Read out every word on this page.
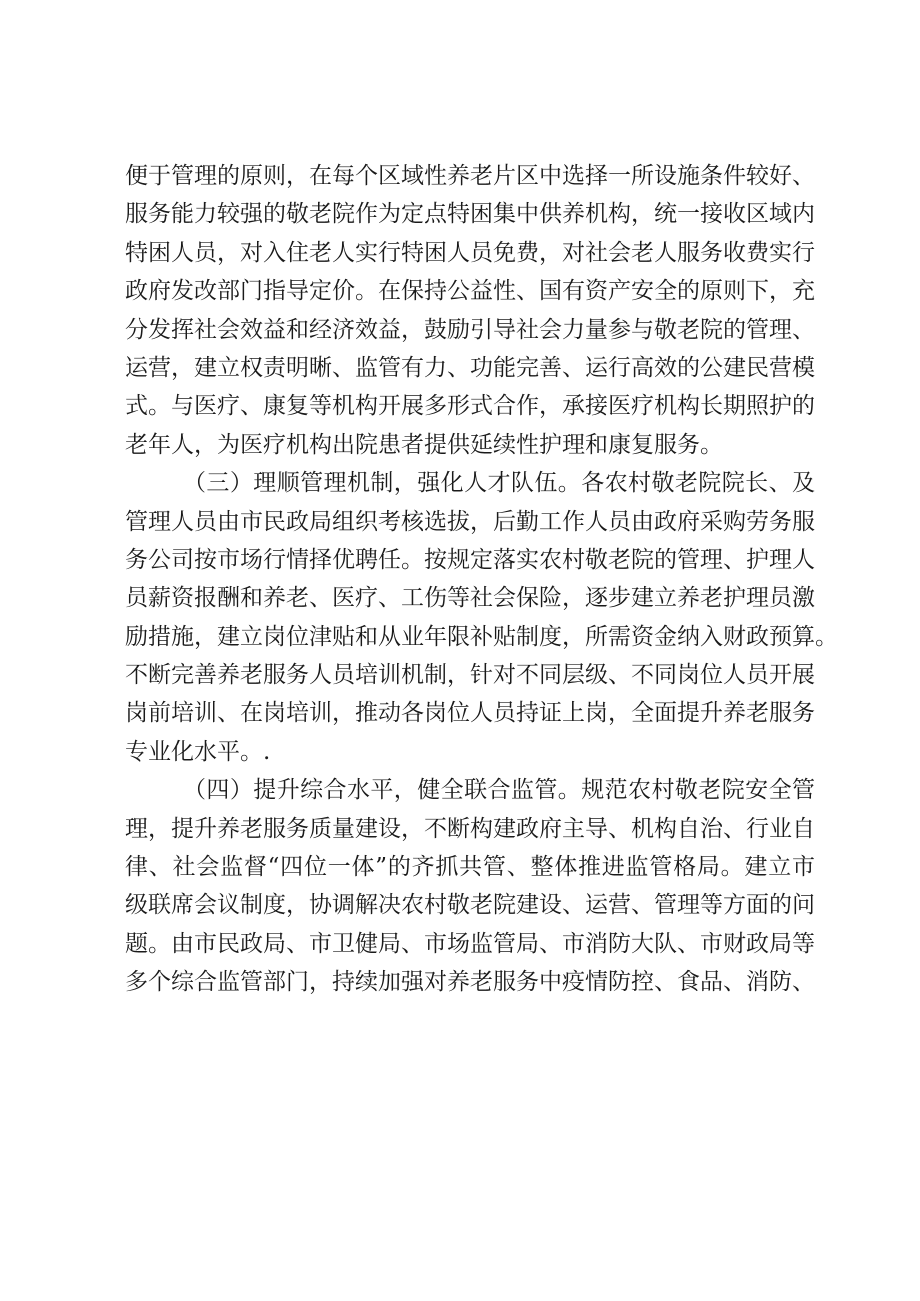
便于管理的原则，在每个区域性养老片区中选择一所设施条件较好、
服务能力较强的敬老院作为定点特困集中供养机构，统一接收区域内
特困人员，对入住老人实行特困人员免费，对社会老人服务收费实行
政府发改部门指导定价。在保持公益性、国有资产安全的原则下，充
分发挥社会效益和经济效益，鼓励引导社会力量参与敬老院的管理、
运营，建立权责明晰、监管有力、功能完善、运行高效的公建民营模
式。与医疗、康复等机构开展多形式合作，承接医疗机构长期照护的
老年人，为医疗机构出院患者提供延续性护理和康复服务。
（三）理顺管理机制，强化人才队伍。各农村敬老院院长、及
管理人员由市民政局组织考核选拔，后勤工作人员由政府采购劳务服
务公司按市场行情择优聘任。按规定落实农村敬老院的管理、护理人
员薪资报酬和养老、医疗、工伤等社会保险，逐步建立养老护理员激
励措施，建立岗位津贴和从业年限补贴制度，所需资金纳入财政预算。
不断完善养老服务人员培训机制，针对不同层级、不同岗位人员开展
岗前培训、在岗培训，推动各岗位人员持证上岗，全面提升养老服务
专业化水平。.
（四）提升综合水平，健全联合监管。规范农村敬老院安全管
理，提升养老服务质量建设，不断构建政府主导、机构自治、行业自
律、社会监督“四位一体”的齐抓共管、整体推进监管格局。建立市
级联席会议制度，协调解决农村敬老院建设、运营、管理等方面的问
题。由市民政局、市卫健局、市场监管局、市消防大队、市财政局等
多个综合监管部门，持续加强对养老服务中疫情防控、食品、消防、
